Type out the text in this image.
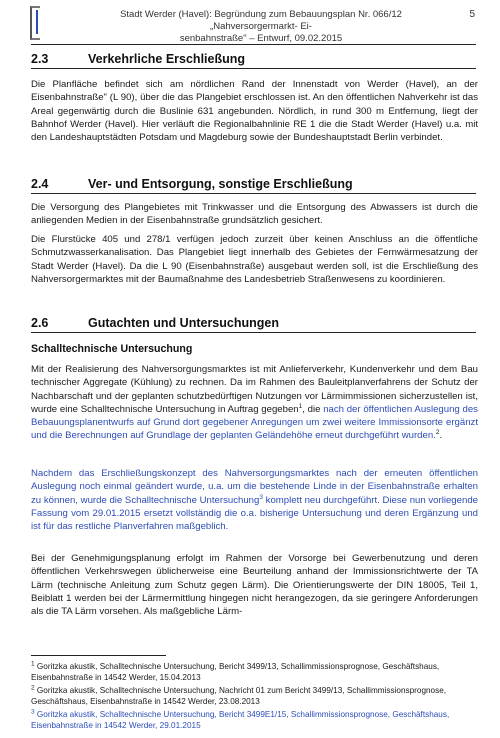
Stadt Werder (Havel): Begründung zum Bebauungsplan Nr. 066/12 „Nahversorgermarkt- Ei-
senbahnstraße" – Entwurf, 09.02.2015
5
2.3	Verkehrliche Erschließung

Die Planfläche befindet sich am nördlichen Rand der Innenstadt von Werder (Havel), an der Eisenbahnstraße" (L 90), über die das Plangebiet erschlossen ist. An den öffentlichen Nahverkehr ist das Areal gegenwärtig durch die Buslinie 631 angebunden. Nördlich, in rund 300 m Entfernung, liegt der Bahnhof Werder (Havel). Hier verläuft die Regionalbahnlinie RE 1 die die Stadt Werder (Havel) u.a. mit den Landeshauptstädten Potsdam und Magdeburg sowie der Bundeshauptstadt Berlin verbindet.

2.4	Ver- und Entsorgung, sonstige Erschließung

Die Versorgung des Plangebietes mit Trinkwasser und die Entsorgung des Abwassers ist durch die anliegenden Medien in der Eisenbahnstraße grundsätzlich gesichert.

Die Flurstücke 405 und 278/1 verfügen jedoch zurzeit über keinen Anschluss an die öffentliche Schmutzwasserkanalisation. Das Plangebiet liegt innerhalb des Gebietes der Fernwärmesatzung der Stadt Werder (Havel). Da die L 90 (Eisenbahnstraße) ausgebaut werden soll, ist die Erschließung des Nahversorgermarktes mit der Baumaßnahme des Landesbetrieb Straßenwesens zu koordinieren.

2.6	Gutachten und Untersuchungen
Schalltechnische Untersuchung

Mit der Realisierung des Nahversorgungsmarktes ist mit Anlieferverkehr, Kundenverkehr und dem Bau technischer Aggregate (Kühlung) zu rechnen. Da im Rahmen des Bauleitplanverfahrens der Schutz der Nachbarschaft und der geplanten schutzbedürftigen Nutzungen vor Lärmimmissionen sicherzustellen ist, wurde eine Schalltechnische Untersuchung in Auftrag gegeben$^1$, die nach der öffentlichen Auslegung des Bebauungsplanentwurfs auf Grund dort gegebener Anregungen um zwei weitere Immissionsorte ergänzt und die Berechnungen auf Grundlage der geplanten Geländehöhe erneut durchgeführt wurden.$^2$.

Nachdem das Erschließungskonzept des Nahversorgungsmarktes nach der erneuten öffentlichen Auslegung noch einmal geändert wurde, u.a. um die bestehende Linde in der Eisenbahnstraße erhalten zu können, wurde die Schalltechnische Untersuchung$^3$ komplett neu durchgeführt. Diese nun vorliegende Fassung vom 29.01.2015 ersetzt vollständig die o.a. bisherige Untersuchung und deren Ergänzung und ist für das restliche Planverfahren maßgeblich.

Bei der Genehmigungsplanung erfolgt im Rahmen der Vorsorge bei Gewerbenutzung und deren öffentlichen Verkehrswegen üblicherweise eine Beurteilung anhand der Immissionsrichtwerte der TA Lärm (technische Anleitung zum Schutz gegen Lärm). Die Orientierungswerte der DIN 18005, Teil 1, Beiblatt 1 werden bei der Lärmermittlung hingegen nicht herangezogen, da sie geringere Anforderungen als die TA Lärm vorsehen. Als maßgebliche Lärm-

$^1$ Goritzka akustik, Schalltechnische Untersuchung, Bericht 3499/13, Schallimmissionsprognose, Geschäftshaus, Eisenbahnstraße in 14542 Werder, 15.04.2013

$^2$ Goritzka akustik, Schalltechnische Untersuchung, Nachricht 01 zum Bericht 3499/13, Schallimmissionsprognose, Geschäftshaus, Eisenbahnstraße in 14542 Werder, 23.08.2013

$^3$ Goritzka akustik, Schalltechnische Untersuchung, Bericht 3499E1/15, Schallimmissionsprognose, Geschäftshaus, Eisenbahnstraße in 14542 Werder, 29.01.2015
